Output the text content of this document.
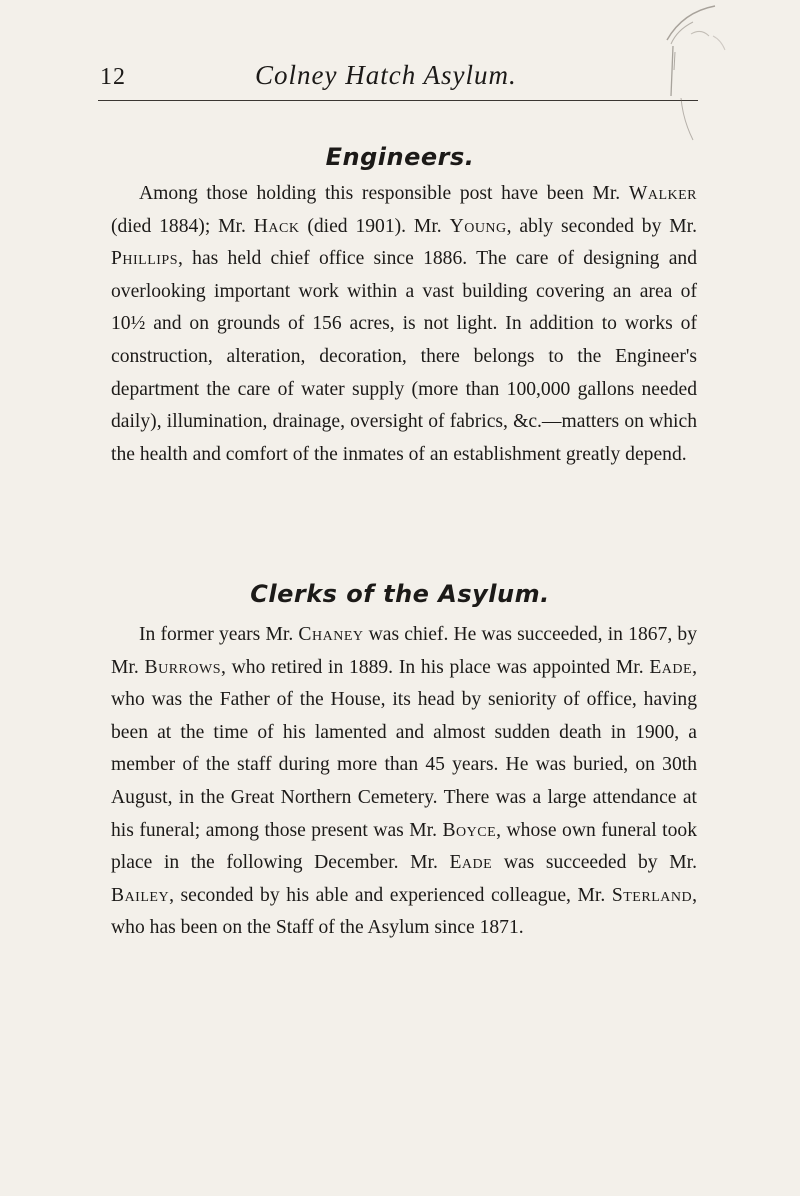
12	Colney Hatch Asylum.
Engineers.

Among those holding this responsible post have been Mr. Walker (died 1884); Mr. Hack (died 1901). Mr. Young, ably seconded by Mr. Phillips, has held chief office since 1886. The care of designing and overlooking important work within a vast building covering an area of 10½ and on grounds of 156 acres, is not light. In addition to works of construction, alteration, decoration, there belongs to the Engineer's department the care of water supply (more than 100,000 gallons needed daily), illumination, drainage, oversight of fabrics, &c.—matters on which the health and comfort of the inmates of an establishment greatly depend.

Clerks of the Asylum.

In former years Mr. Chaney was chief. He was succeeded, in 1867, by Mr. Burrows, who retired in 1889. In his place was appointed Mr. Eade, who was the Father of the House, its head by seniority of office, having been at the time of his lamented and almost sudden death in 1900, a member of the staff during more than 45 years. He was buried, on 30th August, in the Great Northern Cemetery. There was a large attendance at his funeral; among those present was Mr. Boyce, whose own funeral took place in the following December. Mr. Eade was succeeded by Mr. Bailey, seconded by his able and experienced colleague, Mr. Sterland, who has been on the Staff of the Asylum since 1871.
